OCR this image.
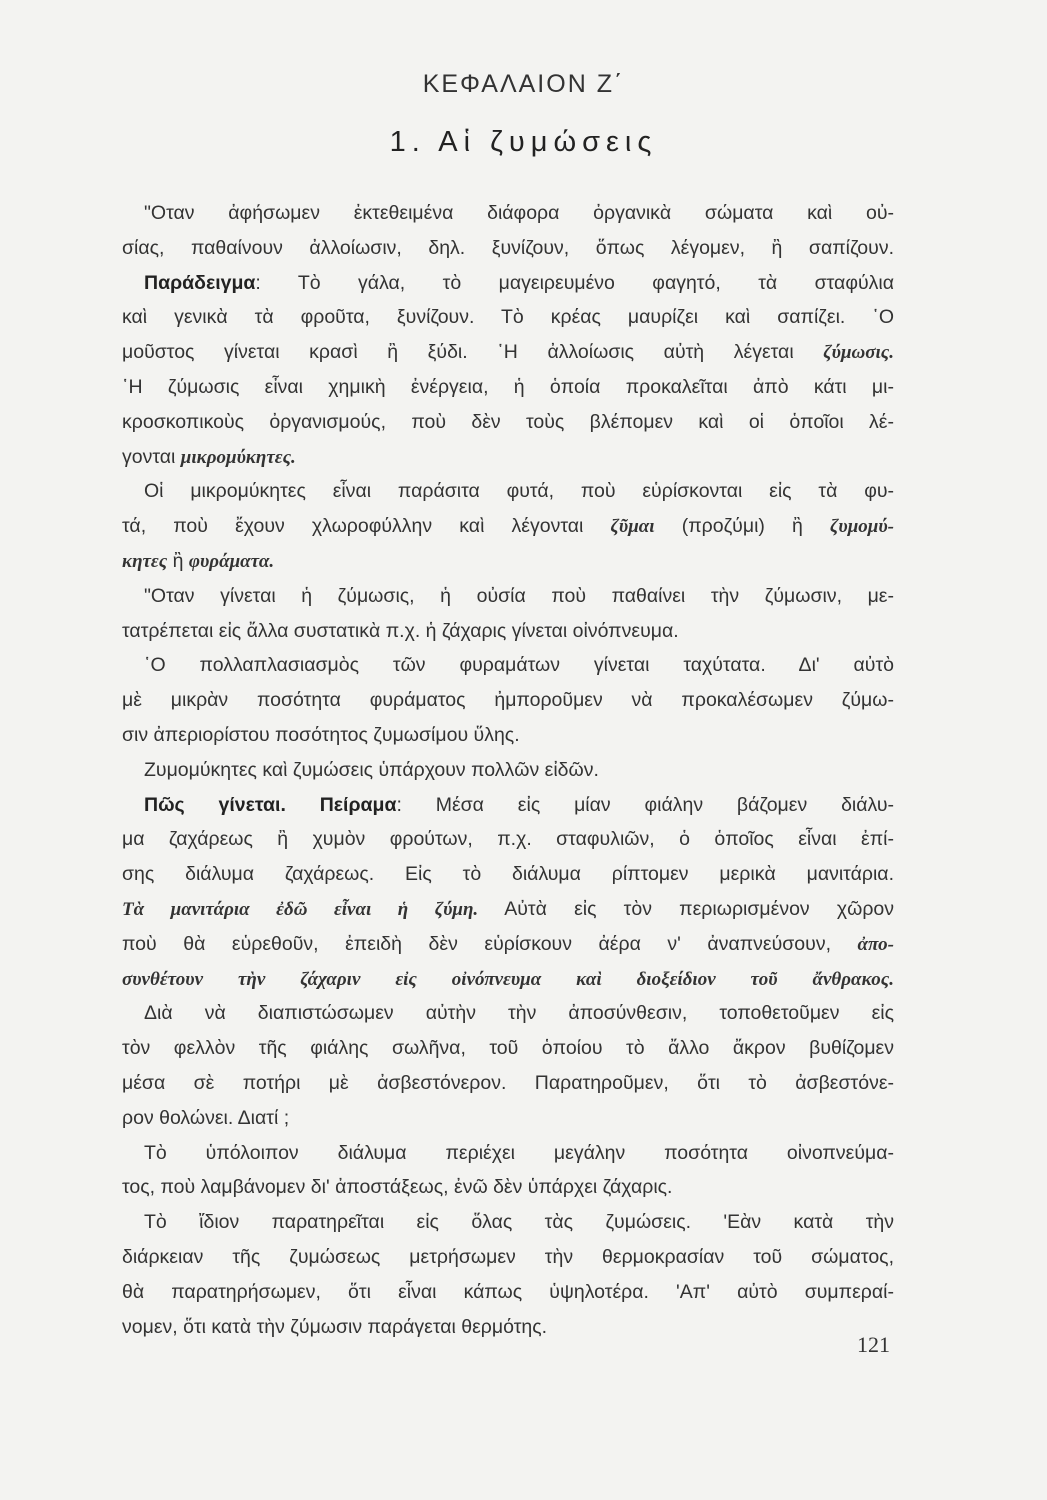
ΚΕΦΑΛΑΙΟΝ Ζ΄
1. Αἱ ζυμώσεις
"Οταν ἀφήσωμεν ἐκτεθειμένα διάφορα ὀργανικὰ σώματα καὶ οὐ-
σίας, παθαίνουν ἀλλοίωσιν, δηλ. ξυνίζουν, ὅπως λέγομεν, ἢ σαπίζουν.
Παράδειγμα: Τὸ γάλα, τὸ μαγειρευμένο φαγητό, τὰ σταφύλια
καὶ γενικὰ τὰ φροῦτα, ξυνίζουν. Τὸ κρέας μαυρίζει καὶ σαπίζει. ῾Ο
μοῦστος γίνεται κρασὶ ἢ ξύδι. ῾Η ἀλλοίωσις αὐτὴ λέγεται ζύμωσις.
῾Η ζύμωσις εἶναι χημικὴ ἐνέργεια, ἡ ὁποία προκαλεῖται ἀπὸ κάτι μι-
κροσκοπικοὺς ὀργανισμούς, ποὺ δὲν τοὺς βλέπομεν καὶ οἱ ὁποῖοι λέ-
γονται μικρομύκητες.
Οἱ μικρομύκητες εἶναι παράσιτα φυτά, ποὺ εὑρίσκονται εἰς τὰ φυ-
τά, ποὺ ἔχουν χλωροφύλλην καὶ λέγονται ζῦμαι (προζύμι) ἢ ζυμομύ-
κητες ἢ φυράματα.
"Οταν γίνεται ἡ ζύμωσις, ἡ οὐσία ποὺ παθαίνει τὴν ζύμωσιν, με-
τατρέπεται εἰς ἄλλα συστατικὰ π.χ. ἡ ζάχαρις γίνεται οἰνόπνευμα.
῾Ο πολλαπλασιασμὸς τῶν φυραμάτων γίνεται ταχύτατα. Δι' αὐτὸ
μὲ μικρὰν ποσότητα φυράματος ἠμποροῦμεν νὰ προκαλέσωμεν ζύμω-
σιν ἀπεριορίστου ποσότητος ζυμωσίμου ὕλης.
Ζυμομύκητες καὶ ζυμώσεις ὑπάρχουν πολλῶν εἰδῶν.
Πῶς γίνεται. Πείραμα: Μέσα εἰς μίαν φιάλην βάζομεν διάλυ-
μα ζαχάρεως ἢ χυμὸν φρούτων, π.χ. σταφυλιῶν, ὁ ὁποῖος εἶναι ἐπί-
σης διάλυμα ζαχάρεως. Εἰς τὸ διάλυμα ρίπτομεν μερικὰ μανιτάρια.
Τὰ μανιτάρια ἐδῶ εἶναι ἡ ζύμη. Αὐτὰ εἰς τὸν περιωρισμένον χῶρον
ποὺ θὰ εὑρεθοῦν, ἐπειδὴ δὲν εὑρίσκουν ἀέρα ν' ἀναπνεύσουν, ἀπο-
συνθέτουν τὴν ζάχαριν εἰς οἰνόπνευμα καὶ διοξείδιον τοῦ ἄνθρακος.
Διὰ νὰ διαπιστώσωμεν αὐτὴν τὴν ἀποσύνθεσιν, τοποθετοῦμεν εἰς
τὸν φελλὸν τῆς φιάλης σωλῆνα, τοῦ ὁποίου τὸ ἄλλο ἄκρον βυθίζομεν
μέσα σὲ ποτήρι μὲ ἀσβεστόνερον. Παρατηροῦμεν, ὅτι τὸ ἀσβεστόνε-
ρον θολώνει. Διατί ;
Τὸ ὑπόλοιπον διάλυμα περιέχει μεγάλην ποσότητα οἰνοπνεύμα-
τος, ποὺ λαμβάνομεν δι' ἀποστάξεως, ἐνῶ δὲν ὑπάρχει ζάχαρις.
Τὸ ἴδιον παρατηρεῖται εἰς ὅλας τὰς ζυμώσεις. 'Εὰν κατὰ τὴν
διάρκειαν τῆς ζυμώσεως μετρήσωμεν τὴν θερμοκρασίαν τοῦ σώματος,
θὰ παρατηρήσωμεν, ὅτι εἶναι κάπως ὑψηλοτέρα. 'Απ' αὐτὸ συμπεραί-
νομεν, ὅτι κατὰ τὴν ζύμωσιν παράγεται θερμότης.
121
